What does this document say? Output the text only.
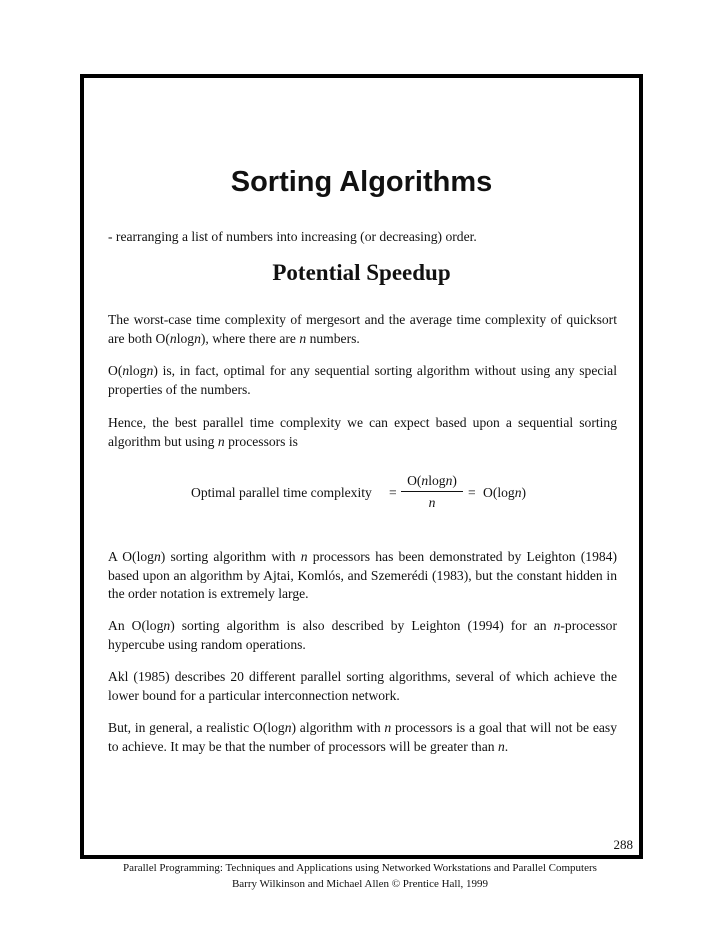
Sorting Algorithms

- rearranging a list of numbers into increasing (or decreasing) order.

Potential Speedup

The worst-case time complexity of mergesort and the average time complexity of quicksort are both O(nlogn), where there are n numbers.

O(nlogn) is, in fact, optimal for any sequential sorting algorithm without using any special properties of the numbers.

Hence, the best parallel time complexity we can expect based upon a sequential sorting algorithm but using n processors is

Optimal parallel time complexity =
O(nlogn)
n
= O(logn)

A O(logn) sorting algorithm with n processors has been demonstrated by Leighton (1984) based upon an algorithm by Ajtai, Komlós, and Szemerédi (1983), but the constant hidden in the order notation is extremely large.

An O(logn) sorting algorithm is also described by Leighton (1994) for an n-processor hypercube using random operations.

Akl (1985) describes 20 different parallel sorting algorithms, several of which achieve the lower bound for a particular interconnection network.

But, in general, a realistic O(logn) algorithm with n processors is a goal that will not be easy to achieve. It may be that the number of processors will be greater than n.

288
Parallel Programming: Techniques and Applications using Networked Workstations and Parallel Computers
Barry Wilkinson and Michael Allen © Prentice Hall, 1999
